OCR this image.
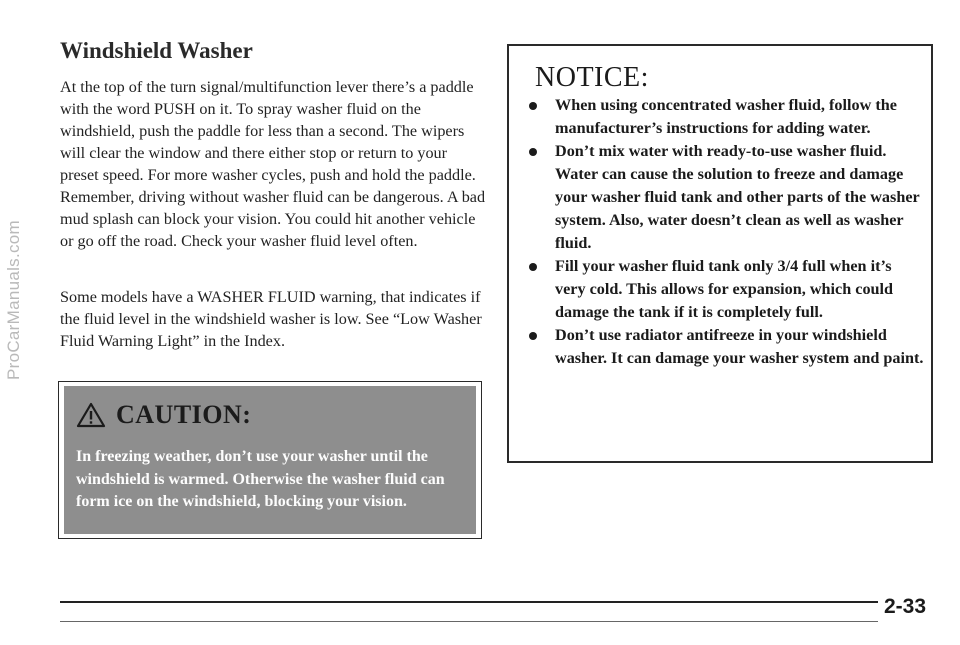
ProCarManuals.com
Windshield Washer

At the top of the turn signal/multifunction lever there’s a paddle with the word PUSH on it. To spray washer fluid on the windshield, push the paddle for less than a second. The wipers will clear the window and there either stop or return to your preset speed. For more washer cycles, push and hold the paddle. Remember, driving without washer fluid can be dangerous. A bad mud splash can block your vision. You could hit another vehicle or go off the road. Check your washer fluid level often.

Some models have a WASHER FLUID warning, that indicates if the fluid level in the windshield washer is low. See “Low Washer Fluid Warning Light” in the Index.

CAUTION:

In freezing weather, don’t use your washer until the windshield is warmed. Otherwise the washer fluid can form ice on the windshield, blocking your vision.

NOTICE:
When using concentrated washer fluid, follow the manufacturer’s instructions for adding water.
Don’t mix water with ready-to-use washer fluid. Water can cause the solution to freeze and damage your washer fluid tank and other parts of the washer system. Also, water doesn’t clean as well as washer fluid.
Fill your washer fluid tank only 3/4 full when it’s very cold. This allows for expansion, which could damage the tank if it is completely full.
Don’t use radiator antifreeze in your windshield washer. It can damage your washer system and paint.
2-33
